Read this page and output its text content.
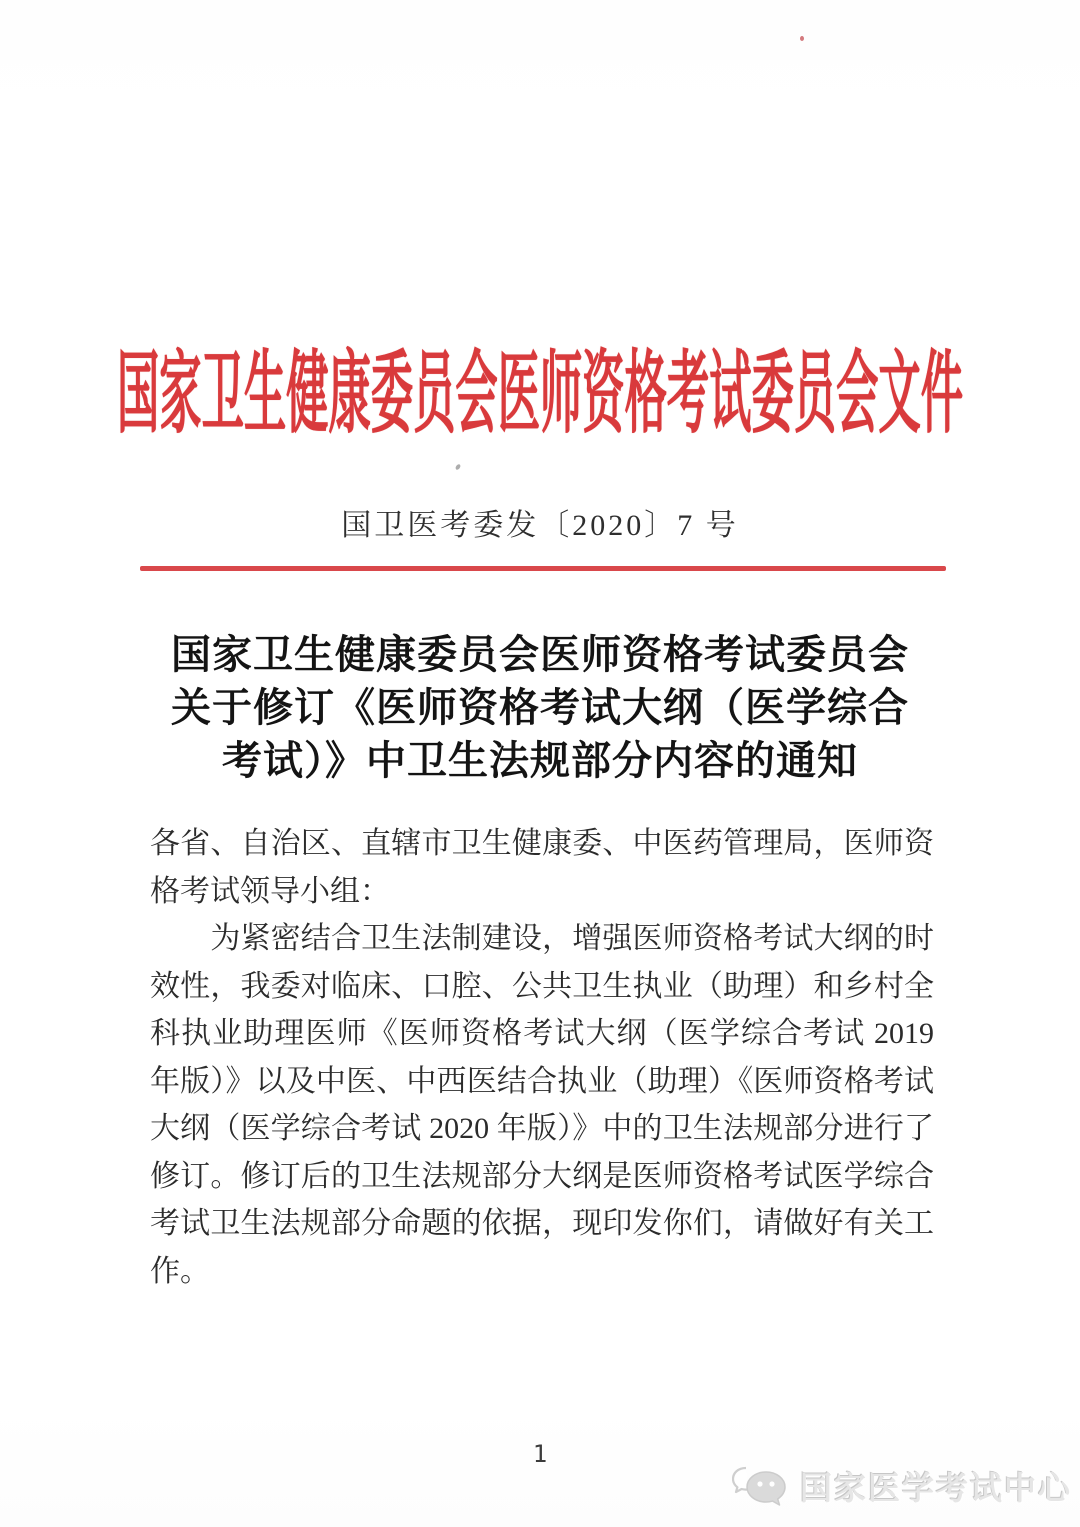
国家卫生健康委员会医师资格考试委员会文件
国卫医考委发〔2020〕7 号
国家卫生健康委员会医师资格考试委员会
关于修订《医师资格考试大纲（医学综合
考试）》中卫生法规部分内容的通知
各省、自治区、直辖市卫生健康委、中医药管理局，医师资
格考试领导小组：
　　为紧密结合卫生法制建设，增强医师资格考试大纲的时
效性，我委对临床、口腔、公共卫生执业（助理）和乡村全
科执业助理医师《医师资格考试大纲（医学综合考试 2019
年版）》以及中医、中西医结合执业（助理）《医师资格考试
大纲（医学综合考试 2020 年版）》中的卫生法规部分进行了
修订。修订后的卫生法规部分大纲是医师资格考试医学综合
考试卫生法规部分命题的依据，现印发你们，请做好有关工
作。
1
国家医学考试中心
